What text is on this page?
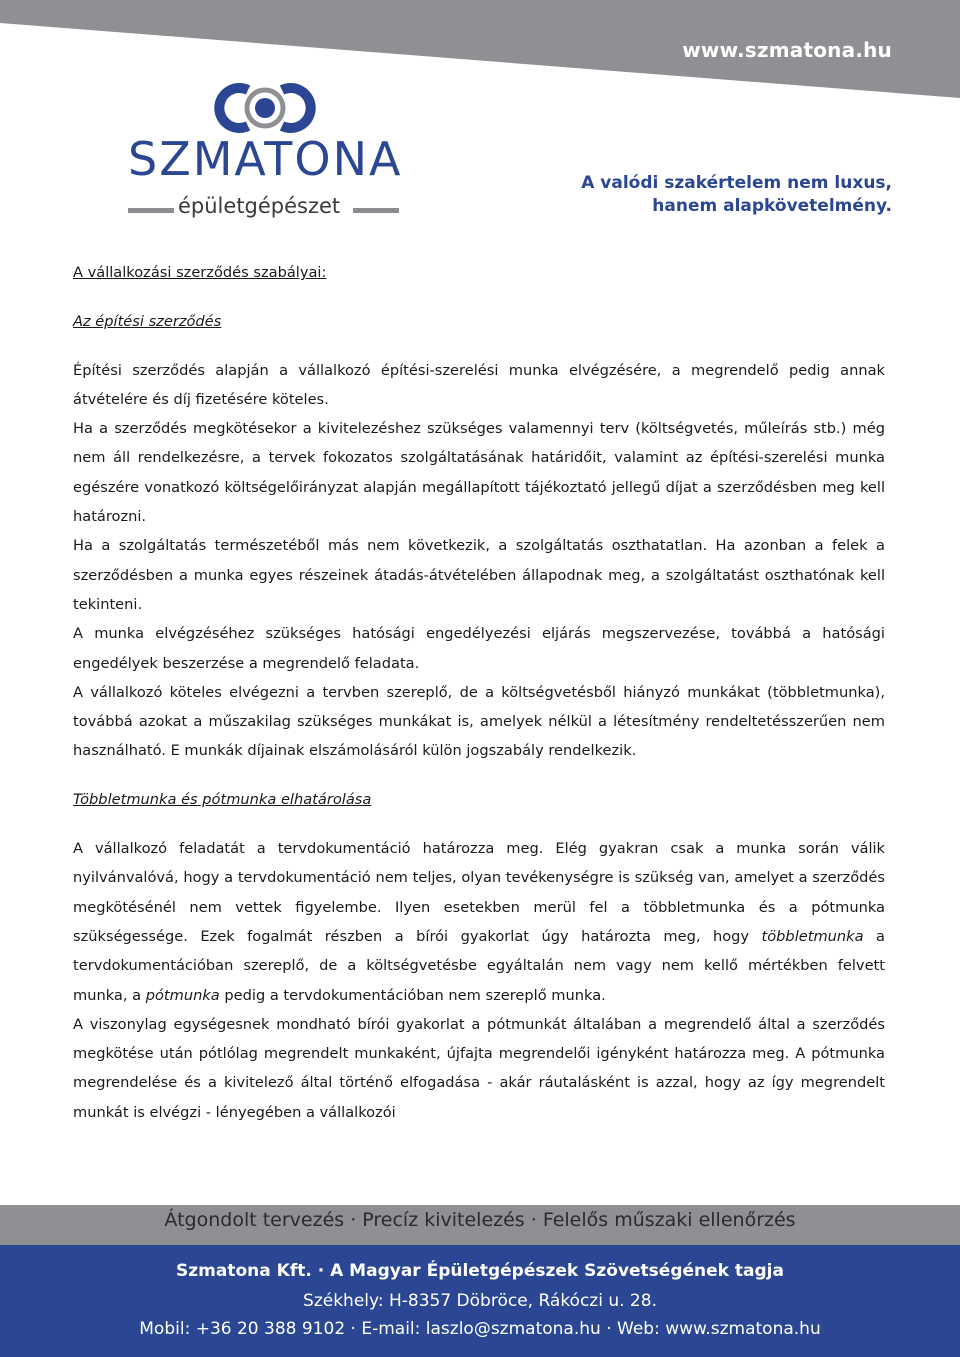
www.szmatona.hu
SZMATONA
épületgépészet
A valódi szakértelem nem luxus,
hanem alapkövetelmény.

A vállalkozási szerződés szabályai:

Az építési szerződés

Építési szerződés alapján a vállalkozó építési-szerelési munka elvégzésére, a megrendelő pedig annak átvételére és díj fizetésére köteles.

Ha a szerződés megkötésekor a kivitelezéshez szükséges valamennyi terv (költségvetés, műleírás stb.) még nem áll rendelkezésre, a tervek fokozatos szolgáltatásának határidőit, valamint az építési-szerelési munka egészére vonatkozó költségelőirányzat alapján megállapított tájékoztató jellegű díjat a szerződésben meg kell határozni.

Ha a szolgáltatás természetéből más nem következik, a szolgáltatás oszthatatlan. Ha azonban a felek a szerződésben a munka egyes részeinek átadás-átvételében állapodnak meg, a szolgáltatást oszthatónak kell tekinteni.

A munka elvégzéséhez szükséges hatósági engedélyezési eljárás megszervezése, továbbá a hatósági engedélyek beszerzése a megrendelő feladata.

A vállalkozó köteles elvégezni a tervben szereplő, de a költségvetésből hiányzó munkákat (többletmunka), továbbá azokat a műszakilag szükséges munkákat is, amelyek nélkül a létesítmény rendeltetésszerűen nem használható. E munkák díjainak elszámolásáról külön jogszabály rendelkezik.

Többletmunka és pótmunka elhatárolása

A vállalkozó feladatát a tervdokumentáció határozza meg. Elég gyakran csak a munka során válik nyilvánvalóvá, hogy a tervdokumentáció nem teljes, olyan tevékenységre is szükség van, amelyet a szerződés megkötésénél nem vettek figyelembe. Ilyen esetekben merül fel a többletmunka és a pótmunka szükségessége. Ezek fogalmát részben a bírói gyakorlat úgy határozta meg, hogy többletmunka a tervdokumentációban szereplő, de a költségvetésbe egyáltalán nem vagy nem kellő mértékben felvett munka, a pótmunka pedig a tervdokumentációban nem szereplő munka.

A viszonylag egységesnek mondható bírói gyakorlat a pótmunkát általában a megrendelő által a szerződés megkötése után pótlólag megrendelt munkaként, újfajta megrendelői igényként határozza meg. A pótmunka megrendelése és a kivitelező által történő elfogadása - akár ráutalásként is azzal, hogy az így megrendelt munkát is elvégzi - lényegében a vállalkozói

Átgondolt tervezés · Precíz kivitelezés · Felelős műszaki ellenőrzés
Szmatona Kft. · A Magyar Épületgépészek Szövetségének tagja
Székhely: H-8357 Döbröce, Rákóczi u. 28.
Mobil: +36 20 388 9102 · E-mail: laszlo@szmatona.hu · Web: www.szmatona.hu
